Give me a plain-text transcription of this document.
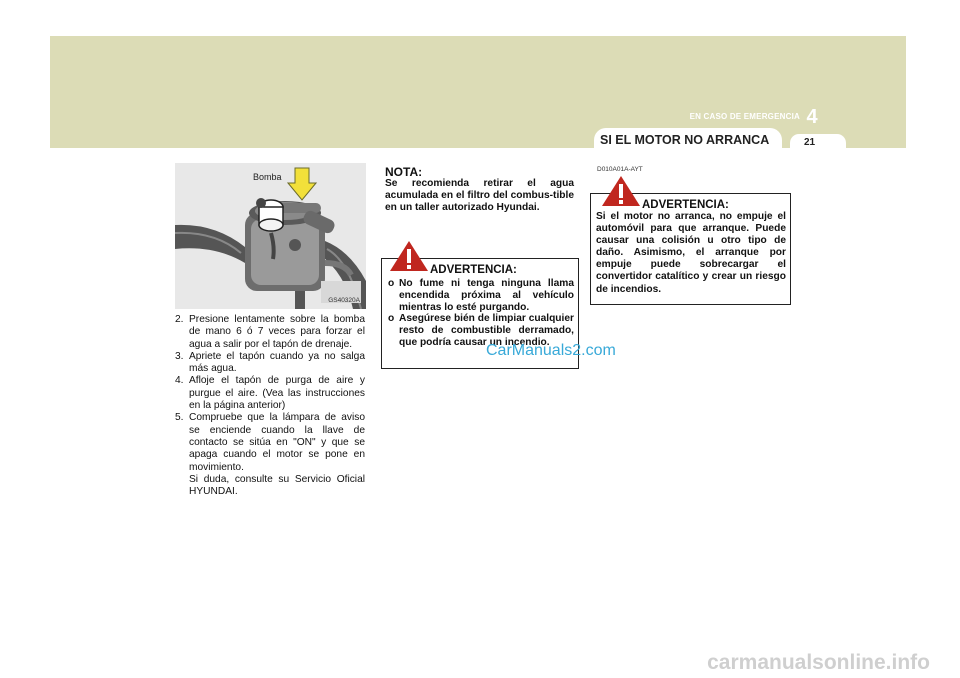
EN CASO DE EMERGENCIA 4
SI EL MOTOR NO ARRANCA	21
Bomba
GS40320A
2. Presione lentamente sobre la bomba de mano 6 ó 7 veces para forzar el agua a salir por el tapón de drenaje.
3. Apriete el tapón cuando ya no salga más agua.
4. Afloje el tapón de purga de aire y purgue el aire. (Vea las instrucciones en la página anterior)
5. Compruebe que la lámpara de aviso se enciende cuando la llave de contacto se sitúa en "ON" y que se apaga cuando el motor se pone en movimiento.
Si duda, consulte su Servicio Oficial HYUNDAI.
NOTA:
Se recomienda retirar el agua acumulada en el filtro del combus-tible en un taller autorizado Hyundai.
ADVERTENCIA:
o No fume ni tenga ninguna llama encendida próxima al vehículo mientras lo esté purgando.
o Asegúrese bién de limpiar cualquier resto de combustible derramado, que podría causar un incendio.
D010A01A-AYT
ADVERTENCIA:
Si el motor no arranca, no empuje el automóvil para que arranque. Puede causar una colisión u otro tipo de daño. Asimismo, el arranque por empuje puede sobrecargar el convertidor catalítico y crear un riesgo de incendios.
CarManuals2.com
carmanualsonline.info
